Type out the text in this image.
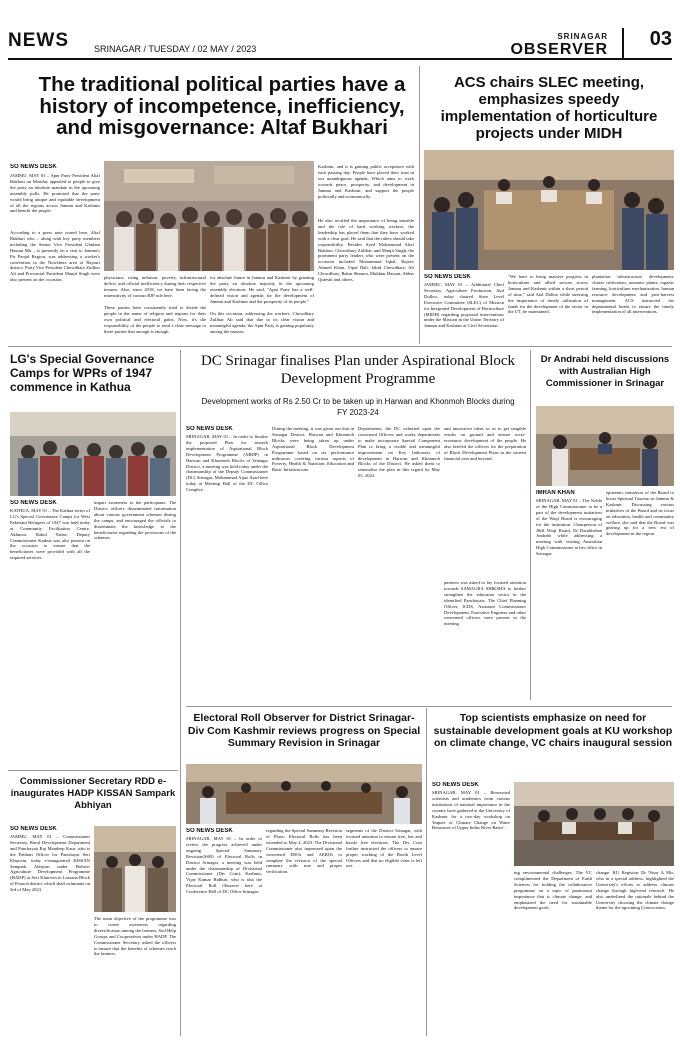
NEWS	SRINAGAR / TUESDAY / 02 MAY / 2023
SRINAGAR
OBSERVER	03
The traditional political parties have a history of incompetence, inefficiency, and misgovernance: Altaf Bukhari
SO NEWS DESK
JAMMU, MAY 01 – Apni Party President Altaf Bukhari on Monday appealed to people to give the party an absolute mandate in the upcoming assembly polls. He promised that the party would bring unique and equitable development of all the regions across Jammu and Kashmir and benefit the people.
According to a press note issued here, Altaf Bukhari who – along with key party members including the Senior Vice President Ghulam Hassan Mir – is presently on a visit to Jammu's Pir Panjal Region, was addressing a worker's convention in the Nowshera area of Rajouri district. Party Vice President Chowdhary Zulfkar Ali and Provincial President Manjit Singh were also present on the occasion.	physicians, rising inflation, poverty, infrastructural deficit, and official inefficiency during their respective tenures. Also, since 2018, we have been facing the insensitivity of various BJP rule here.
These parties have consistently tried to divide the people in the name of religion and regions for their own political and electoral gains. Now, it's the responsibility of the people to send a clear message to these parties that enough is enough.
for absolute future in Jammu and Kashmir by granting the party an absolute majority in the upcoming assembly elections. He said, "Apni Party has a well-defined vision and agenda for the development of Jammu and Kashmir and the prosperity of its people."
On this occasion, addressing the workers, Chowdhary Zulfkar Ali said that due to its clear vision and meaningful agenda, the Apni Party is gaining popularity among the masses.
Kashmir, and it is gaining public acceptance with each passing day. People have placed their trust in our unambiguous agenda. Which aims to work towards peace, prosperity, and development in Jammu and Kashmir, and support the people politically and economically.
He also recalled the importance of being sensible and the role of hard working workers, the leadership has placed them that they have worked with a clear goal. He said that the rulers should take responsibility. Besides Syed Mohammad Altaf Bukhari, Chowdhary Zulfkar, and Manjit Singh, the prominent party leaders who were present on the occasion included Mohammad Iqbal, Rajeev Ahmed Khan, Vipul Bali, Jahid Chowdhary, Ali Chowdhary, Babar Sharma, Mukhtar Hassan, Abbas Qureshi and others.
ACS chairs SLEC meeting, emphasizes speedy implementation of horticulture projects under MIDH
SO NEWS DESK
JAMMU, MAY 01 – Additional Chief Secretary, Agriculture Production, Atal Dulloo, today chaired State Level Executive Committee (SLEC) of Mission for Integrated Development of Horticulture (MIDH) regarding proposed interventions under the Mission in the Union Territory of Jammu and Kashmir at Civil Secretariat.
"We have to bring massive progress in horticulture and allied sectors across Jammu and Kashmir within a short period of time," said Atal Dulloo while stressing the importance of timely utilization of funds for the development of the sector in the UT, he maintained.
plantation infrastructure development, cluster cultivation, aromatic plants, organic farming, horticulture mechanization, human resource development and post-harvest management. ACS instructed the departmental heads to ensure the timely implementation of all interventions.
LG's Special Governance Camps for WPRs of 1947 commence in Kathua
SO NEWS DESK
KATHUA, MAY 01 – The Kathua series of LG's Special Governance Camps for West Pakistani Refugees of 1947 was held today at Community Facilitation Centre, Akhnoor. Rahul Yadav, Deputy Commissioner Kathua was also present on the occasion to ensure that the beneficiaries were provided with all the required services.
impart awareness to the participants. The District officers disseminated information about various government schemes during the camps, and encouraged the officials to disseminate the knowledge to the beneficiaries regarding the provisions of the schemes.
DC Srinagar finalises Plan under Aspirational Block Development Programme
Development works of Rs 2.50 Cr to be taken up in Harwan and Khonmoh Blocks during FY 2023-24
SO NEWS DESK
SRINAGAR, MAY 01 – In order to finalise the proposed Plan for smooth implementation of Aspirational Block Development Programme (ABDP) in Harwan and Khonmoh Blocks of Srinagar District, a meeting was held today under the chairmanship of the Deputy Commissioner (DC) Srinagar, Mohammad Aijaz Asad here today at Meeting Hall of the DC Office Complex.
During the meeting, it was given out that in Srinagar District, Harwan and Khonmoh Blocks were being taken up under Aspirational Block Development Programme based on six performance indicators covering various aspects of Poverty, Health & Nutrition, Education and Basic Infrastructure.
Departments, the DC exhorted upon the concerned Officers and works departments to make incorporate Special Component Plan to bring a visible and meaningful improvement on Key Indicators of development in Harwan and Khonmoh Blocks of the District. He asked them to rationalise the plan in this regard by May 05, 2023.
and innovative ideas so as to get tangible results on ground and ensure socio-economic development of the people. He also briefed the officers for the preparation of Block Development Plans in the current financial year and beyond.
partners was asked to lay focused attention towards SAMAGRA SHIKSHA to further strengthen the education sector in the identified Panchayats. The Chief Planning Officer, ICDS, Assistant Commissioner Development, Executive Engineer and other concerned officers were present in the meeting.
Dr Andrabi held discussions with Australian High Commissioner in Srinagar
IMRAN KHAN
SRINAGAR, MAY 01 – The Noble of the High Commissioner to be a part of the development initiatives of the Waqf Board is encouraging for the institution. Chairperson of J&K Waqf Board, Dr Darakhshan Andrabi while addressing a meeting with visiting Australian High Commissioner at her office in Srinagar.
epistemic initiatives of the Board to boost Spiritual Tourism in Jammu & Kashmir. Discussing various initiatives of the Board and its focus on education, health and community welfare, she said that the Board was gearing up for a new era of development in the region.
Commissioner Secretary RDD e-inaugurates HADP KISSAN Sampark Abhiyan
SO NEWS DESK
JAMMU, MAY 01 – Commissioner Secretary, Rural Development Department and Panchayati Raj Mandeep Kaur, who is the Pabhari Officer for Panchayat Seri Khurwin, today e-inaugurated KISSAN Sampark Abhiyan under Holistic Agriculture Development Programme (HADP) at Seri Khurwin in Lassana Block of Poonch district which shall culminate on 3rd of May 2023.
The main objective of the programme was to create awareness regarding diversification among the farmers, Soil Help Groups and Cooperatives under HADP. The Commissioner Secretary asked the officers to ensure that the benefits of schemes reach the farmers.
Electoral Roll Observer for District Srinagar-Div Com Kashmir reviews progress on Special Summary Revision in Srinagar
SO NEWS DESK
SRINAGAR, MAY 01 – In order to review the progress achieved under ongoing Special Summary Revision(SSR) of Electoral Rolls in District Srinagar, a meeting was held under the chairmanship of Divisional Commissioner (Div Com), Kashmir, Vijay Kumar Bidhuri, who is also the Electoral Roll Observer here at Conference Hall of DC Office Srinagar.
regarding the Special Summary Revision of Photo Electoral Rolls has been extended to May 4, 2023. The Divisional Commissioner also impressed upon the concerned EROs and AEROs to complete the revision of the special summary with true and proper verification.
segments of the District Srinagar, with focused attention to ensure free, fair and hassle free elections. The Div Com further instructed the officers to ensure proper working of the Booth Level Officers and that no eligible voter is left out.
Top scientists emphasize on need for sustainable development goals at KU workshop on climate change, VC chairs inaugural session
SO NEWS DESK
SRINAGAR, MAY 01 – Renowned scientists and academics from various institutions of national importance in the country have gathered at the University of Kashmir for a two-day workshop on 'Impact of Climate Change on Water Resources of Upper Indus River Basin'.
ing environmental challenges. The VC complimented the Department of Earth Sciences for holding the collaborative programme on a topic of paramount importance that is climate change, and emphasized the need for sustainable development goals.
change. KU Registrar Dr Nisar A Mir, who in a special address, highlighted the University's efforts to address climate change through high-end research. He also underlined the rationale behind the University choosing the climate change theme for the upcoming Convocation.
